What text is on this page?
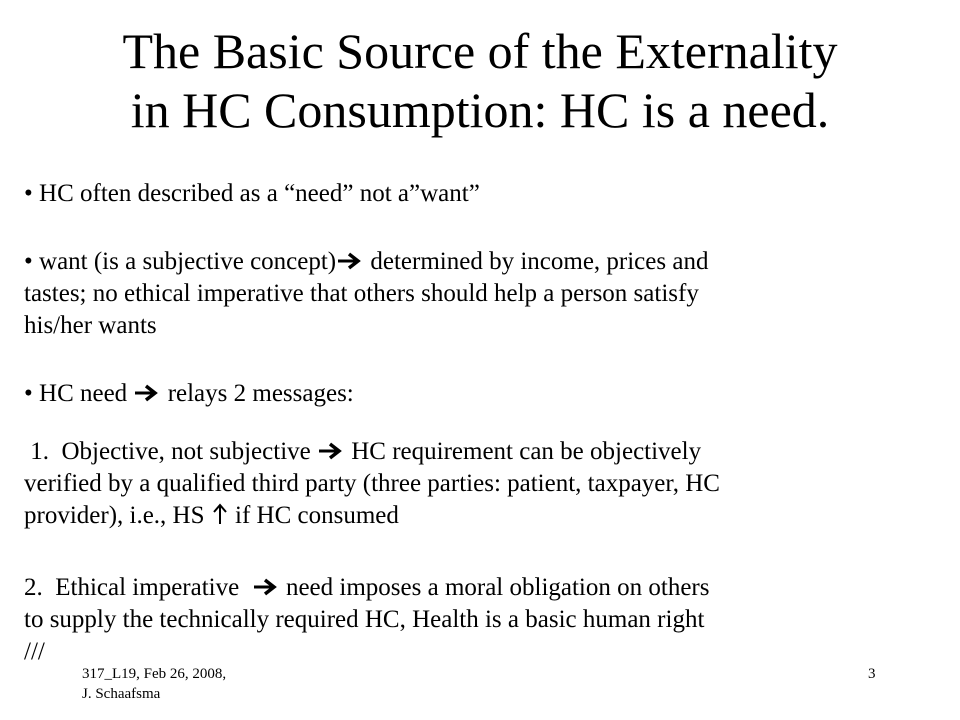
The Basic Source of the Externality
in HC Consumption: HC is a need.
• HC often described as a “need” not a”want”
• want (is a subjective concept) determined by income, prices and
tastes; no ethical imperative that others should help a person satisfy
his/her wants
• HC need  relays 2 messages:
1.  Objective, not subjective  HC requirement can be objectively
verified by a qualified third party (three parties: patient, taxpayer, HC
provider), i.e., HS  if HC consumed
2.  Ethical imperative   need imposes a moral obligation on others
to supply the technically required HC, Health is a basic human right
///
317_L19, Feb 26, 2008,
J. Schaafsma
3
